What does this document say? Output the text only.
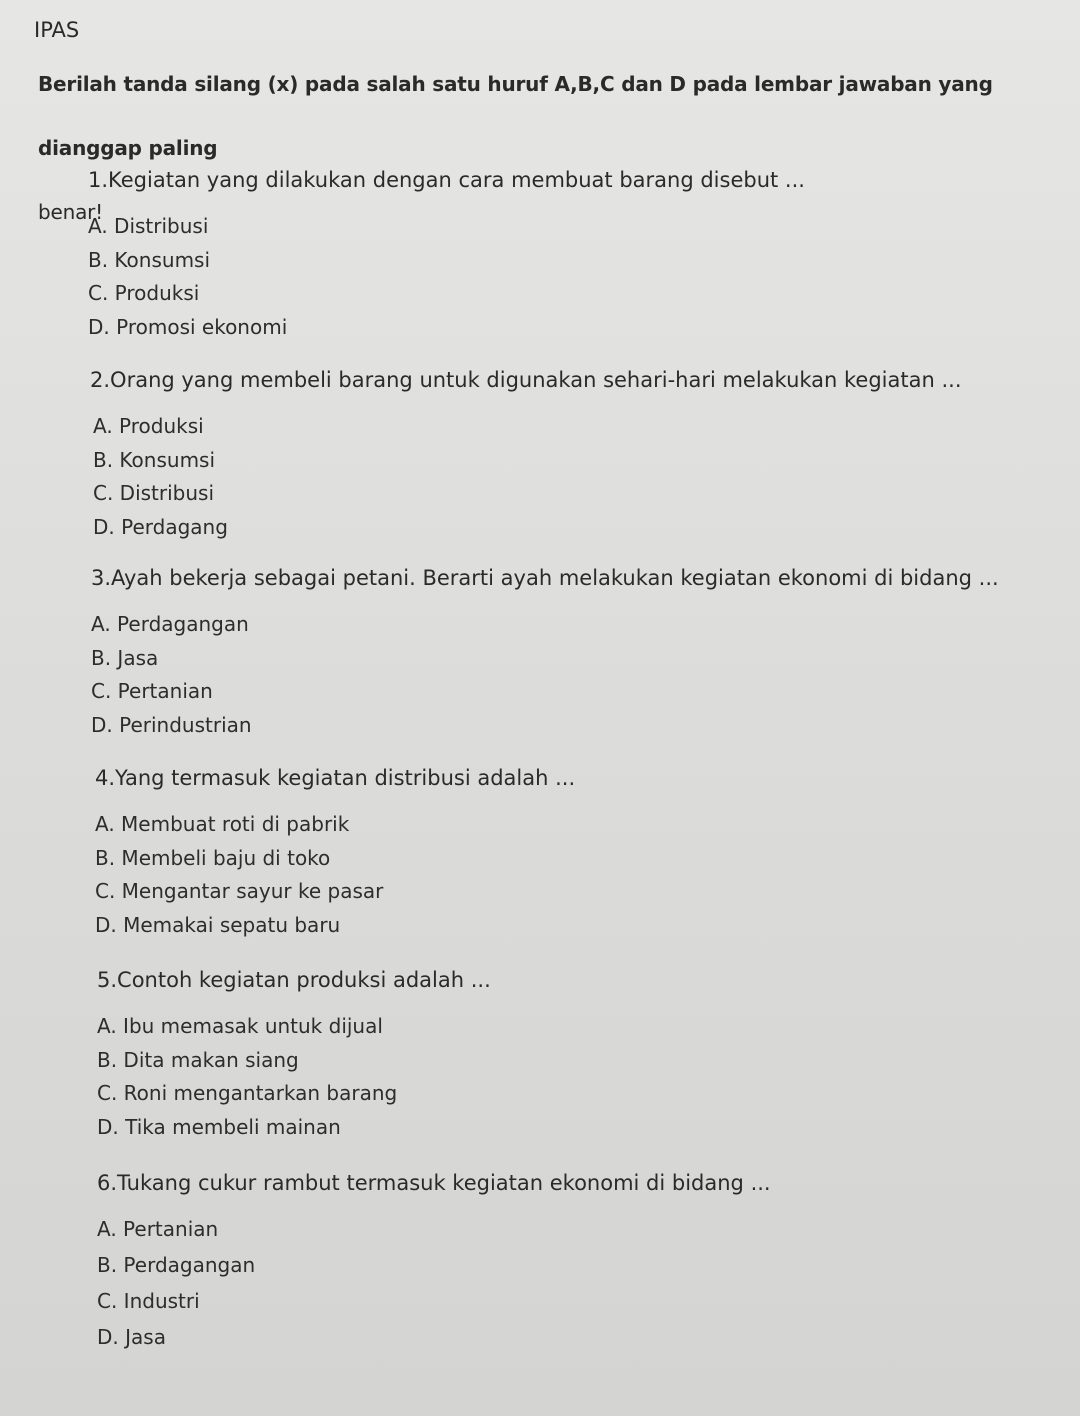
IPAS
Berilah tanda silang (x) pada salah satu huruf A,B,C dan D pada lembar jawaban yang dianggap paling
benar!
1.Kegiatan yang dilakukan dengan cara membuat barang disebut ...
A. Distribusi
B. Konsumsi
C. Produksi
D. Promosi ekonomi
2.Orang yang membeli barang untuk digunakan sehari-hari melakukan kegiatan ...
A. Produksi
B. Konsumsi
C. Distribusi
D. Perdagang
3.Ayah bekerja sebagai petani. Berarti ayah melakukan kegiatan ekonomi di bidang ...
A. Perdagangan
B. Jasa
C. Pertanian
D. Perindustrian
4.Yang termasuk kegiatan distribusi adalah ...
A. Membuat roti di pabrik
B. Membeli baju di toko
C. Mengantar sayur ke pasar
D. Memakai sepatu baru
5.Contoh kegiatan produksi adalah ...
A. Ibu memasak untuk dijual
B. Dita makan siang
C. Roni mengantarkan barang
D. Tika membeli mainan
6.Tukang cukur rambut termasuk kegiatan ekonomi di bidang ...
A. Pertanian
B. Perdagangan
C. Industri
D. Jasa
